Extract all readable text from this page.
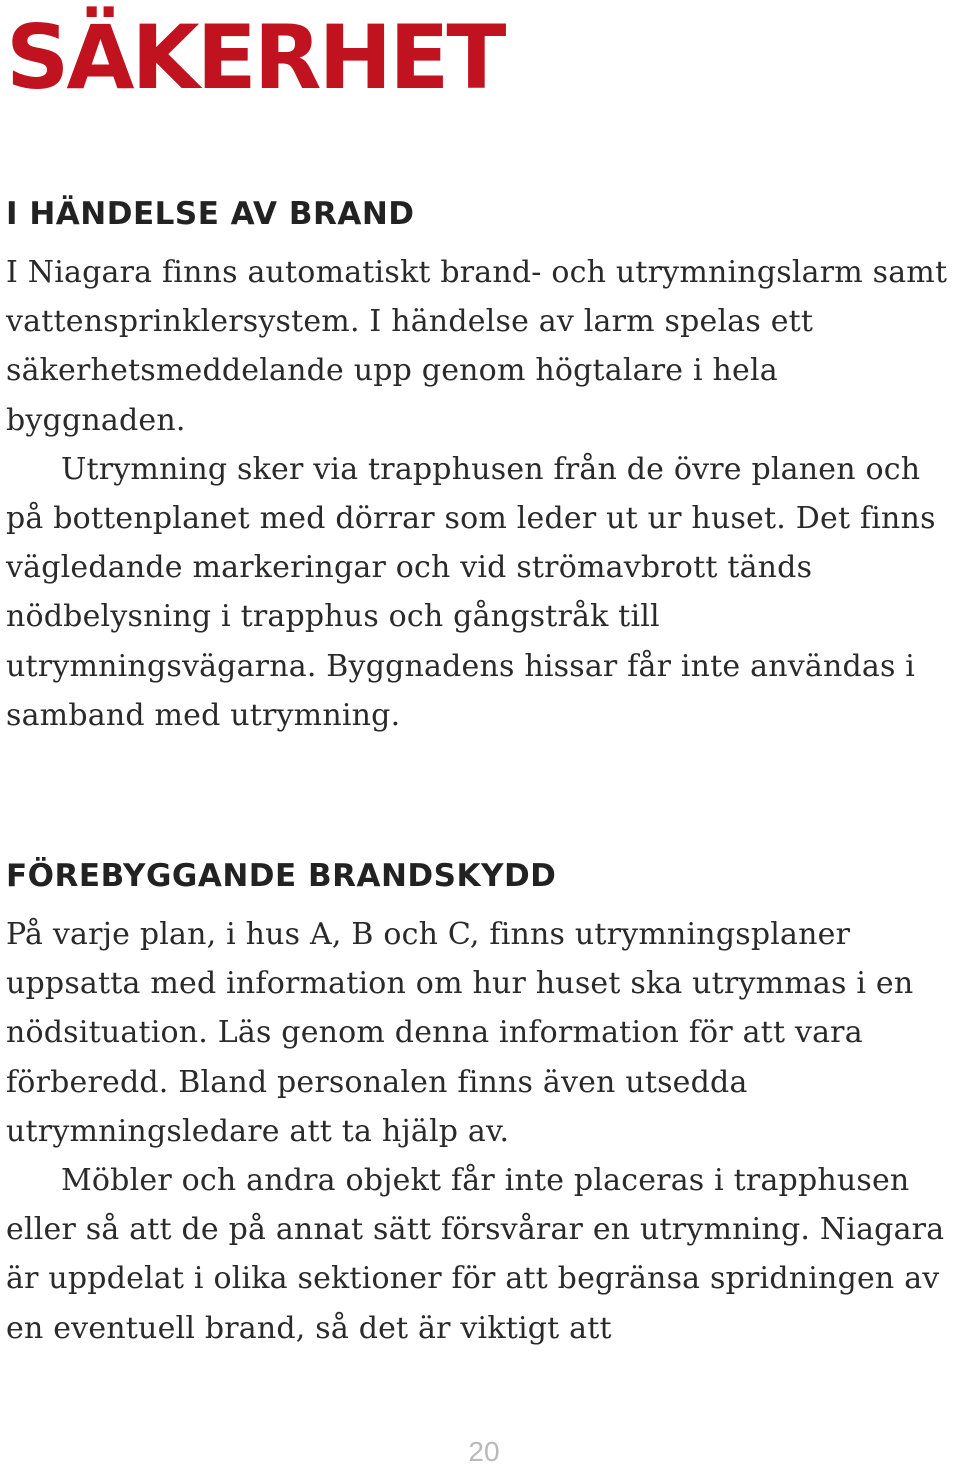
SÄKERHET
I HÄNDELSE AV BRAND

I Niagara finns automatiskt brand- och utrymningslarm samt vattensprinklersystem. I händelse av larm spelas ett säkerhetsmeddelande upp genom högtalare i hela byggnaden.

Utrymning sker via trapphusen från de övre planen och på bottenplanet med dörrar som leder ut ur huset. Det finns vägledande markeringar och vid strömavbrott tänds nödbelysning i trapphus och gångstråk till utrymningsvägarna. Byggnadens hissar får inte användas i samband med utrymning.

FÖREBYGGANDE BRANDSKYDD

På varje plan, i hus A, B och C, finns utrymningsplaner uppsatta med information om hur huset ska utrymmas i en nödsituation. Läs genom denna information för att vara förberedd. Bland personalen finns även utsedda utrymningsledare att ta hjälp av.

Möbler och andra objekt får inte placeras i trapphusen eller så att de på annat sätt försvårar en utrymning. Niagara är uppdelat i olika sektioner för att begränsa spridningen av en eventuell brand, så det är viktigt att

20
